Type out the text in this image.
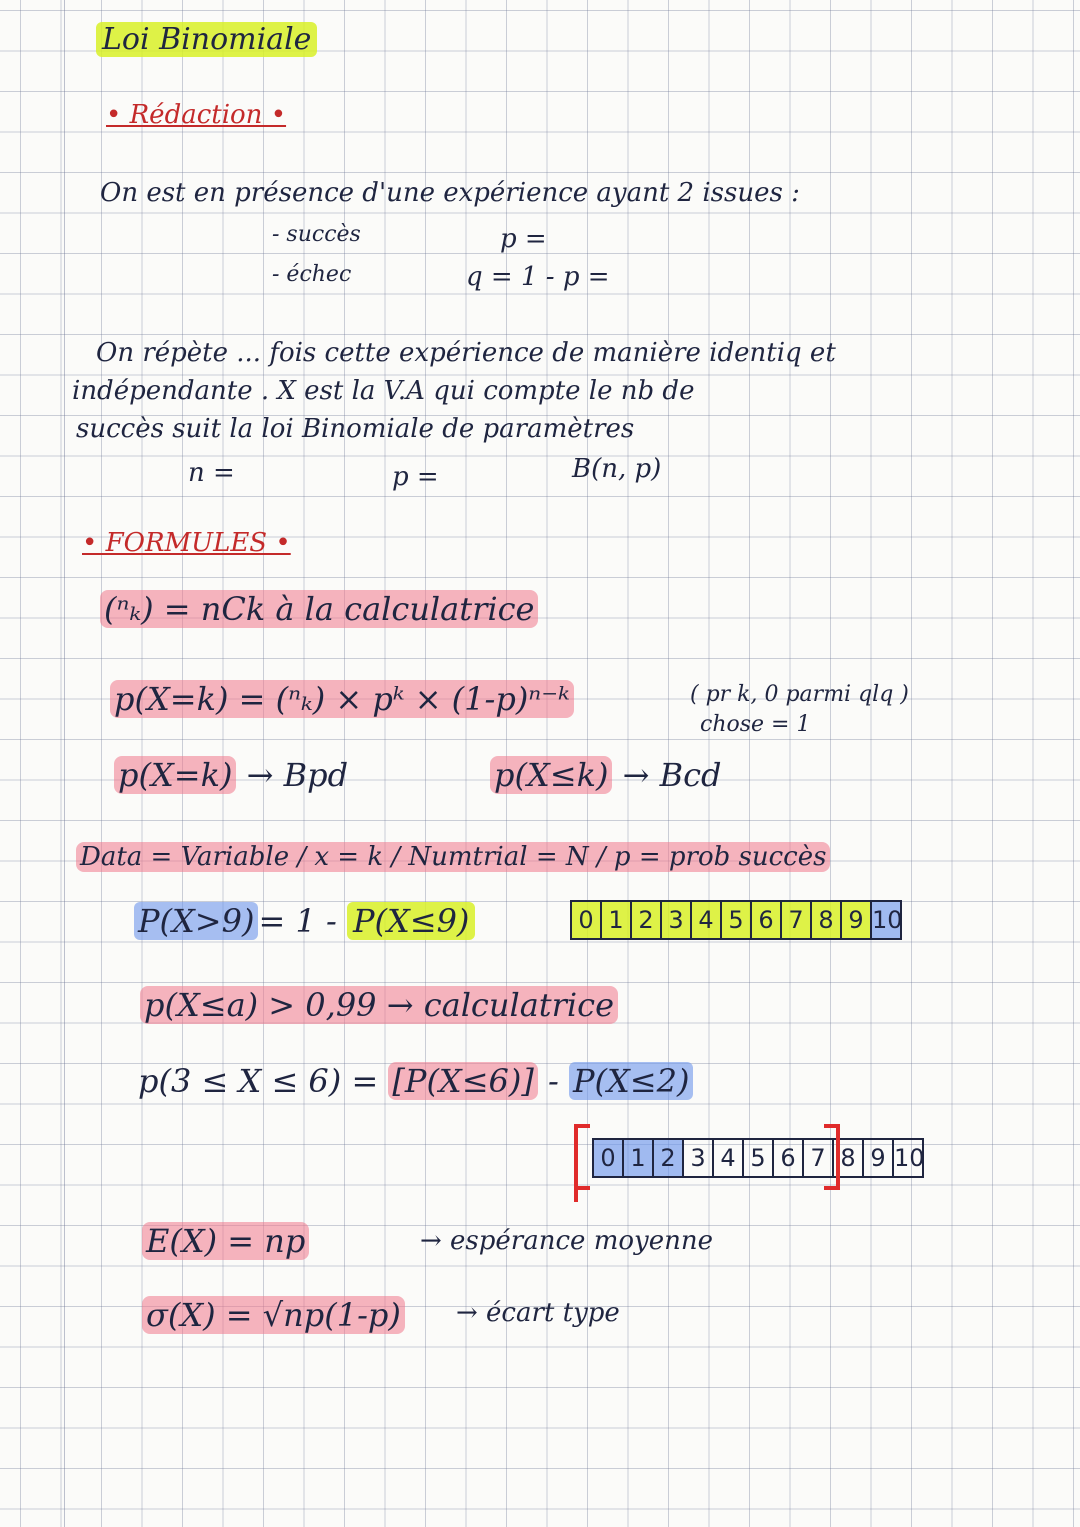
Loi Binomiale
• Rédaction •
On est en présence d'une expérience ayant 2 issues :
- succès	p =
- échec	q = 1 - p =
On répète ... fois cette expérience de manière identiq et
indépendante . X est la V.A qui compte le nb de
succès suit la loi Binomiale de paramètres
n =	p =	B(n, p)
• FORMULES •
(ⁿₖ) = nCk à la calculatrice
p(X=k) = (ⁿₖ) × pᵏ × (1-p)ⁿ⁻ᵏ	( pr k, 0 parmi qlq )
chose = 1
p(X=k) → Bpd	p(X≤k) → Bcd
Data = Variable / x = k / Numtrial = N / p = prob succès
P(X>9) = 1 - P(X≤9)	0 1 2 3 4 5 6 7 8 9 10
p(X≤a) > 0,99 → calculatrice
p(3 ≤ X ≤ 6) = [P(X≤6)] - P(X≤2)
0 1 2 3 4 5 6 7 8 9 10
E(X) = np	→ espérance moyenne
σ(X) = √np(1-p) → écart type
